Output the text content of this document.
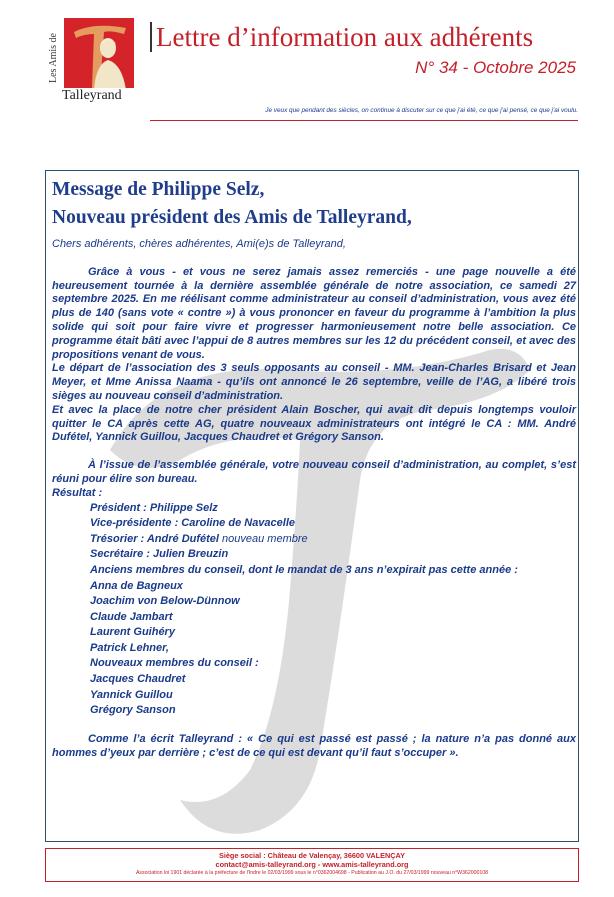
Les Amis de
Talleyrand
Lettre d’information aux adhérents
N° 34 - Octobre 2025
Je veux que pendant des siècles, on continue à discuter sur ce que j'ai été, ce que j'ai pensé, ce que j'ai voulu.

Message de Philippe Selz,

Nouveau président des Amis de Talleyrand,

Chers adhérents, chères adhérentes, Ami(e)s de Talleyrand,

Grâce à vous - et vous ne serez jamais assez remerciés - une page nouvelle a été heureusement tournée à la dernière assemblée générale de notre association, ce samedi 27 septembre 2025. En me réélisant comme administrateur au conseil d’administration, vous avez été plus de 140 (sans vote « contre ») à vous prononcer en faveur du programme à l’ambition la plus solide qui soit pour faire vivre et progresser harmonieusement notre belle association. Ce programme était bâti avec l’appui de 8 autres membres sur les 12 du précédent conseil, et avec des propositions venant de vous.

Le départ de l’association des 3 seuls opposants au conseil - MM. Jean-Charles Brisard et Jean Meyer, et Mme Anissa Naama - qu’ils ont annoncé le 26 septembre, veille de l’AG, a libéré trois sièges au nouveau conseil d’administration.

Et avec la place de notre cher président Alain Boscher, qui avait dit depuis longtemps vouloir quitter le CA après cette AG, quatre nouveaux administrateurs ont intégré le CA : MM. André Dufétel, Yannick Guillou, Jacques Chaudret et Grégory Sanson.

À l’issue de l’assemblée générale, votre nouveau conseil d’administration, au complet, s’est réuni pour élire son bureau.

Résultat :

Président : Philippe Selz
Vice-présidente : Caroline de Navacelle
Trésorier : André Dufétel nouveau membre
Secrétaire : Julien Breuzin
Anciens membres du conseil, dont le mandat de 3 ans n’expirait pas cette année :
Anna de Bagneux
Joachim von Below-Dünnow
Claude Jambart
Laurent Guihéry
Patrick Lehner,
Nouveaux membres du conseil :
Jacques Chaudret
Yannick Guillou
Grégory Sanson

Comme l’a écrit Talleyrand : « Ce qui est passé est passé ; la nature n’a pas donné aux hommes d’yeux par derrière ; c’est de ce qui est devant qu’il faut s’occuper ».

Siège social : Château de Valençay, 36600 VALENÇAY
contact@amis-talleyrand.org - www.amis-talleyrand.org
Association loi 1901 déclarée à la préfecture de l'Indre le 02/03/1999 sous le n°0362004698 - Publication au J.O. du 27/03/1999 nouveau n°W362000108
